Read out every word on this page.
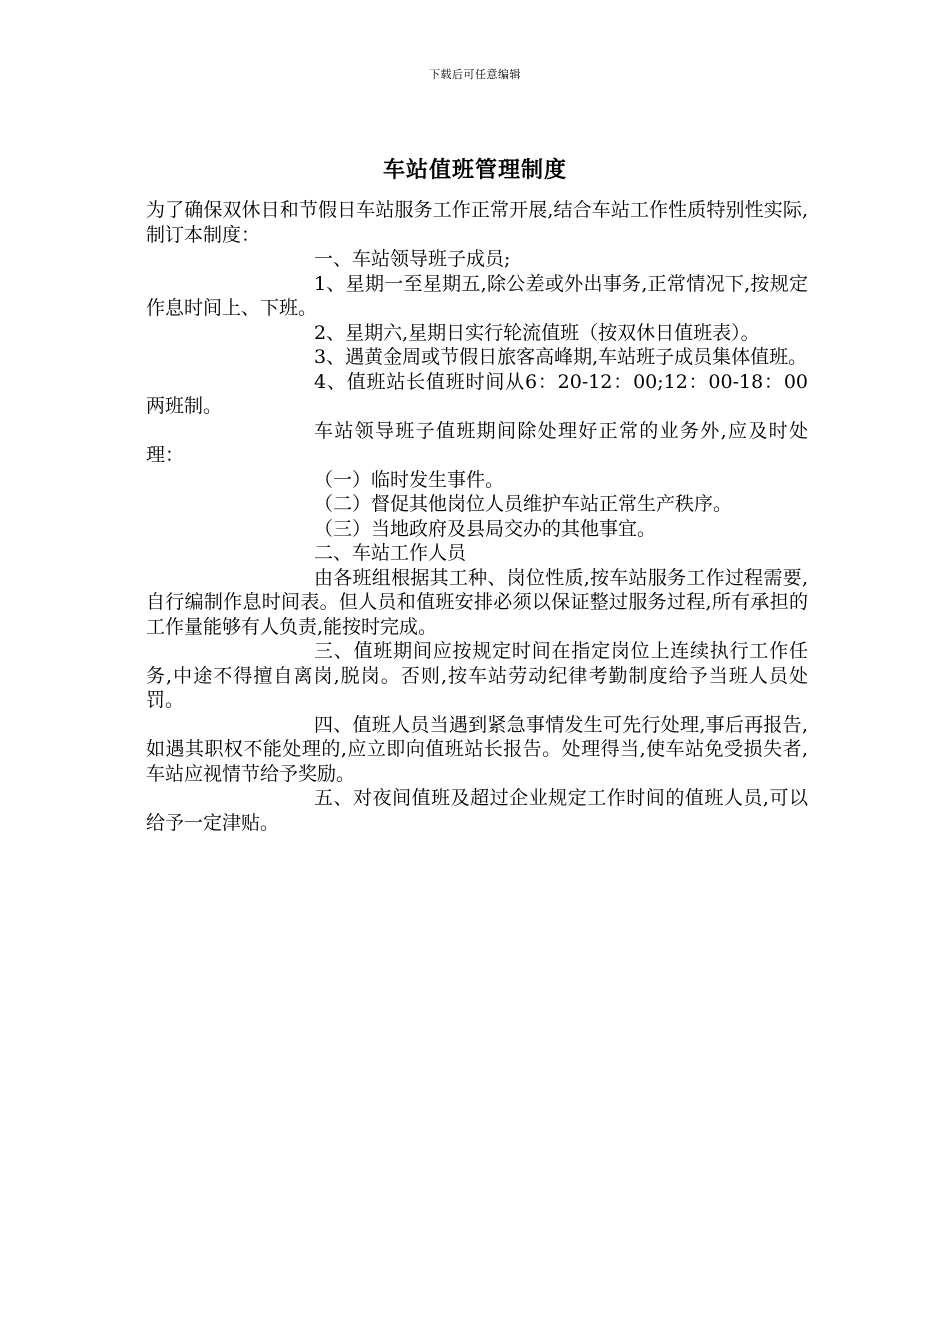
下载后可任意编辑
车站值班管理制度

为了确保双休日和节假日车站服务工作正常开展,结合车站工作性质特别性实际,制订本制度：

一、车站领导班子成员;

1、星期一至星期五,除公差或外出事务,正常情况下,按规定作息时间上、下班。

2、星期六,星期日实行轮流值班（按双休日值班表）。

3、遇黄金周或节假日旅客高峰期,车站班子成员集体值班。

4、值班站长值班时间从6：20-12：00;12：00-18：00两班制。

车站领导班子值班期间除处理好正常的业务外,应及时处理：

（一）临时发生事件。

（二）督促其他岗位人员维护车站正常生产秩序。

（三）当地政府及县局交办的其他事宜。

二、车站工作人员

由各班组根据其工种、岗位性质,按车站服务工作过程需要,自行编制作息时间表。但人员和值班安排必须以保证整过服务过程,所有承担的工作量能够有人负责,能按时完成。

三、值班期间应按规定时间在指定岗位上连续执行工作任务,中途不得擅自离岗,脱岗。否则,按车站劳动纪律考勤制度给予当班人员处罚。

四、值班人员当遇到紧急事情发生可先行处理,事后再报告,如遇其职权不能处理的,应立即向值班站长报告。处理得当,使车站免受损失者,车站应视情节给予奖励。

五、对夜间值班及超过企业规定工作时间的值班人员,可以给予一定津贴。
